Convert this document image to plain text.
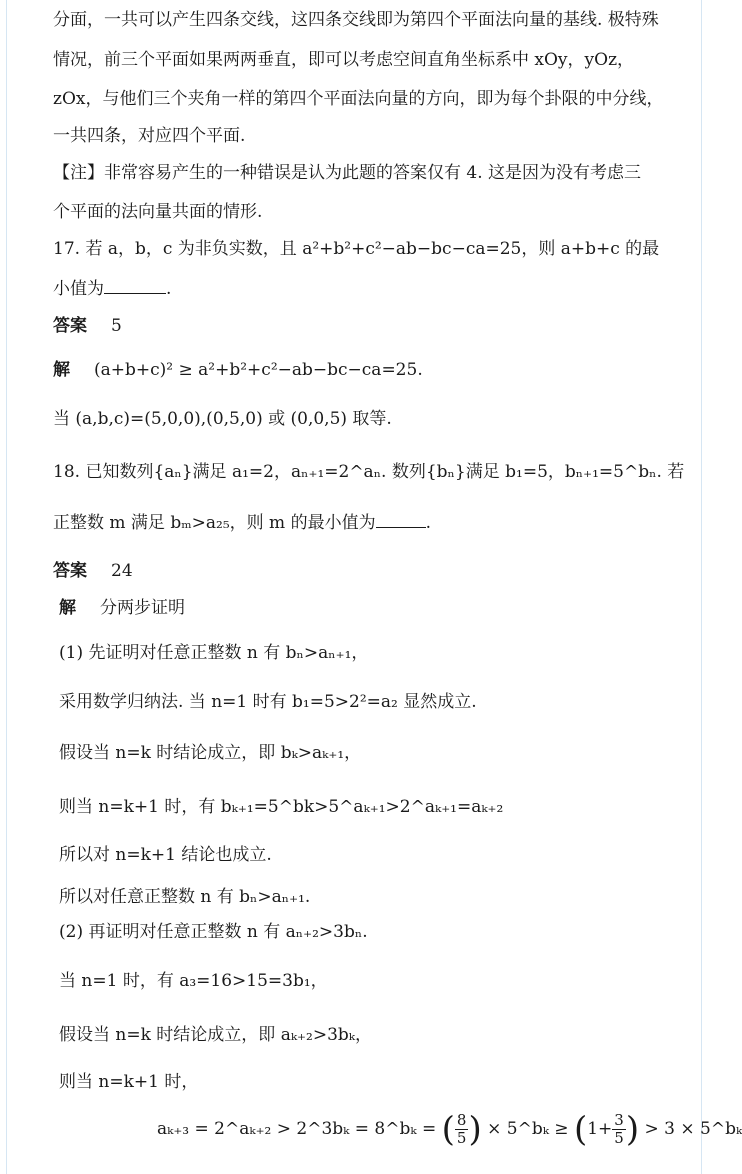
分面，一共可以产生四条交线，这四条交线即为第四个平面法向量的基线. 极特殊
情况，前三个平面如果两两垂直，即可以考虑空间直角坐标系中 xOy，yOz，
zOx，与他们三个夹角一样的第四个平面法向量的方向，即为每个卦限的中分线，
一共四条，对应四个平面.
【注】非常容易产生的一种错误是认为此题的答案仅有 4. 这是因为没有考虑三
个平面的法向量共面的情形.
17. 若 a，b，c 为非负实数，且 a²+b²+c²−ab−bc−ca=25，则 a+b+c 的最
小值为	.
答案 5
解 (a+b+c)² ≥ a²+b²+c²−ab−bc−ca=25.
当 (a,b,c)=(5,0,0),(0,5,0) 或 (0,0,5) 取等.
18. 已知数列{aₙ}满足 a₁=2，aₙ₊₁=2^aₙ. 数列{bₙ}满足 b₁=5，bₙ₊₁=5^bₙ. 若
正整数 m 满足 bₘ>a₂₅，则 m 的最小值为	.
答案 24
解 分两步证明
(1) 先证明对任意正整数 n 有 bₙ>aₙ₊₁，
采用数学归纳法. 当 n=1 时有 b₁=5>2²=a₂ 显然成立.
假设当 n=k 时结论成立，即 bₖ>aₖ₊₁，
则当 n=k+1 时，有 bₖ₊₁=5^bk>5^aₖ₊₁>2^aₖ₊₁=aₖ₊₂
所以对 n=k+1 结论也成立.
所以对任意正整数 n 有 bₙ>aₙ₊₁.
(2) 再证明对任意正整数 n 有 aₙ₊₂>3bₙ.
当 n=1 时，有 a₃=16>15=3b₁，
假设当 n=k 时结论成立，即 aₖ₊₂>3bₖ，
则当 n=k+1 时，
aₖ₊₃ = 2^aₖ₊₂ > 2^3bₖ = 8^bₖ = ( $\frac{8}{5}$ ) × 5^bₖ ≥ ($1+ \frac{3}{5}$ ) > 3 × 5^bₖ
